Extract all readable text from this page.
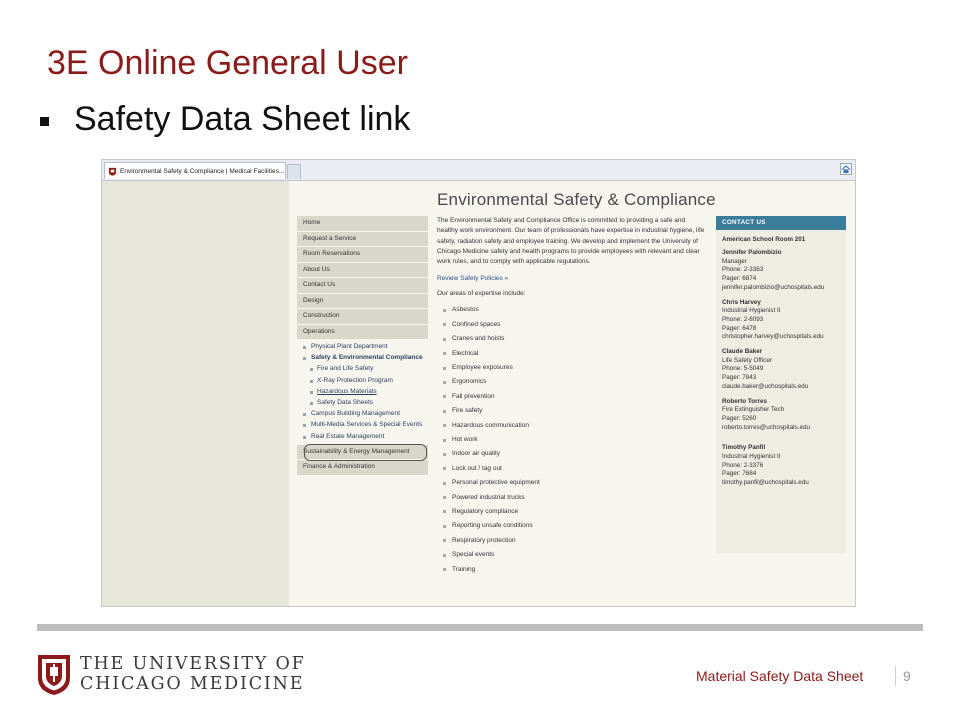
3E Online General User
Safety Data Sheet link
Environmental Safety & Compliance | Medical Facilities...
Environmental Safety & Compliance
Home
Request a Service
Room Reservations
About Us
Contact Us
Design
Construction
Operations
Physical Plant Department
Safety & Environmental Compliance
Fire and Life Safety
X-Ray Protection Program
Hazardous Materials
Safety Data Sheets
Campus Building Management
Multi-Media Services & Special Events
Real Estate Management
Sustainability & Energy Management
Finance & Administration
The Environmental Safety and Compliance Office is committed to providing a safe and healthy work environment. Our team of professionals have expertise in industrial hygiene, life safety, radiation safety and employee training. We develop and implement the University of Chicago Medicine safety and health programs to provide employees with relevant and clear work rules, and to comply with applicable regulations.
Review Safety Policies »
Our areas of expertise include:
Asbestos
Confined spaces
Cranes and hoists
Electrical
Employee exposures
Ergonomics
Fall prevention
Fire safety
Hazardous communication
Hot work
Indoor air quality
Lock out / tag out
Personal protective equipment
Powered industrial trucks
Regulatory compliance
Reporting unsafe conditions
Respiratory protection
Special events
Training
CONTACT US
American School Room 201
Jennifer Palombizio
Manager
Phone: 2-3363
Pager: 6874
jennifer.palombizio@uchospitals.edu
Chris Harvey
Industrial Hygienist II
Phone: 2-8093
Pager: 6478
christopher.harvey@uchospitals.edu
Claude Baker
Life Safety Officer
Phone: 5-5049
Pager: 7843
claude.baker@uchospitals.edu
Roberto Torres
Fire Extinguisher Tech
Pager: 5260
roberto.torres@uchospitals.edu
Timothy Panfil
Industrial Hygienist II
Phone: 2-3376
Pager: 7684
timothy.panfil@uchospitals.edu
THE UNIVERSITY OF
CHICAGO MEDICINE	Material Safety Data Sheet	9
